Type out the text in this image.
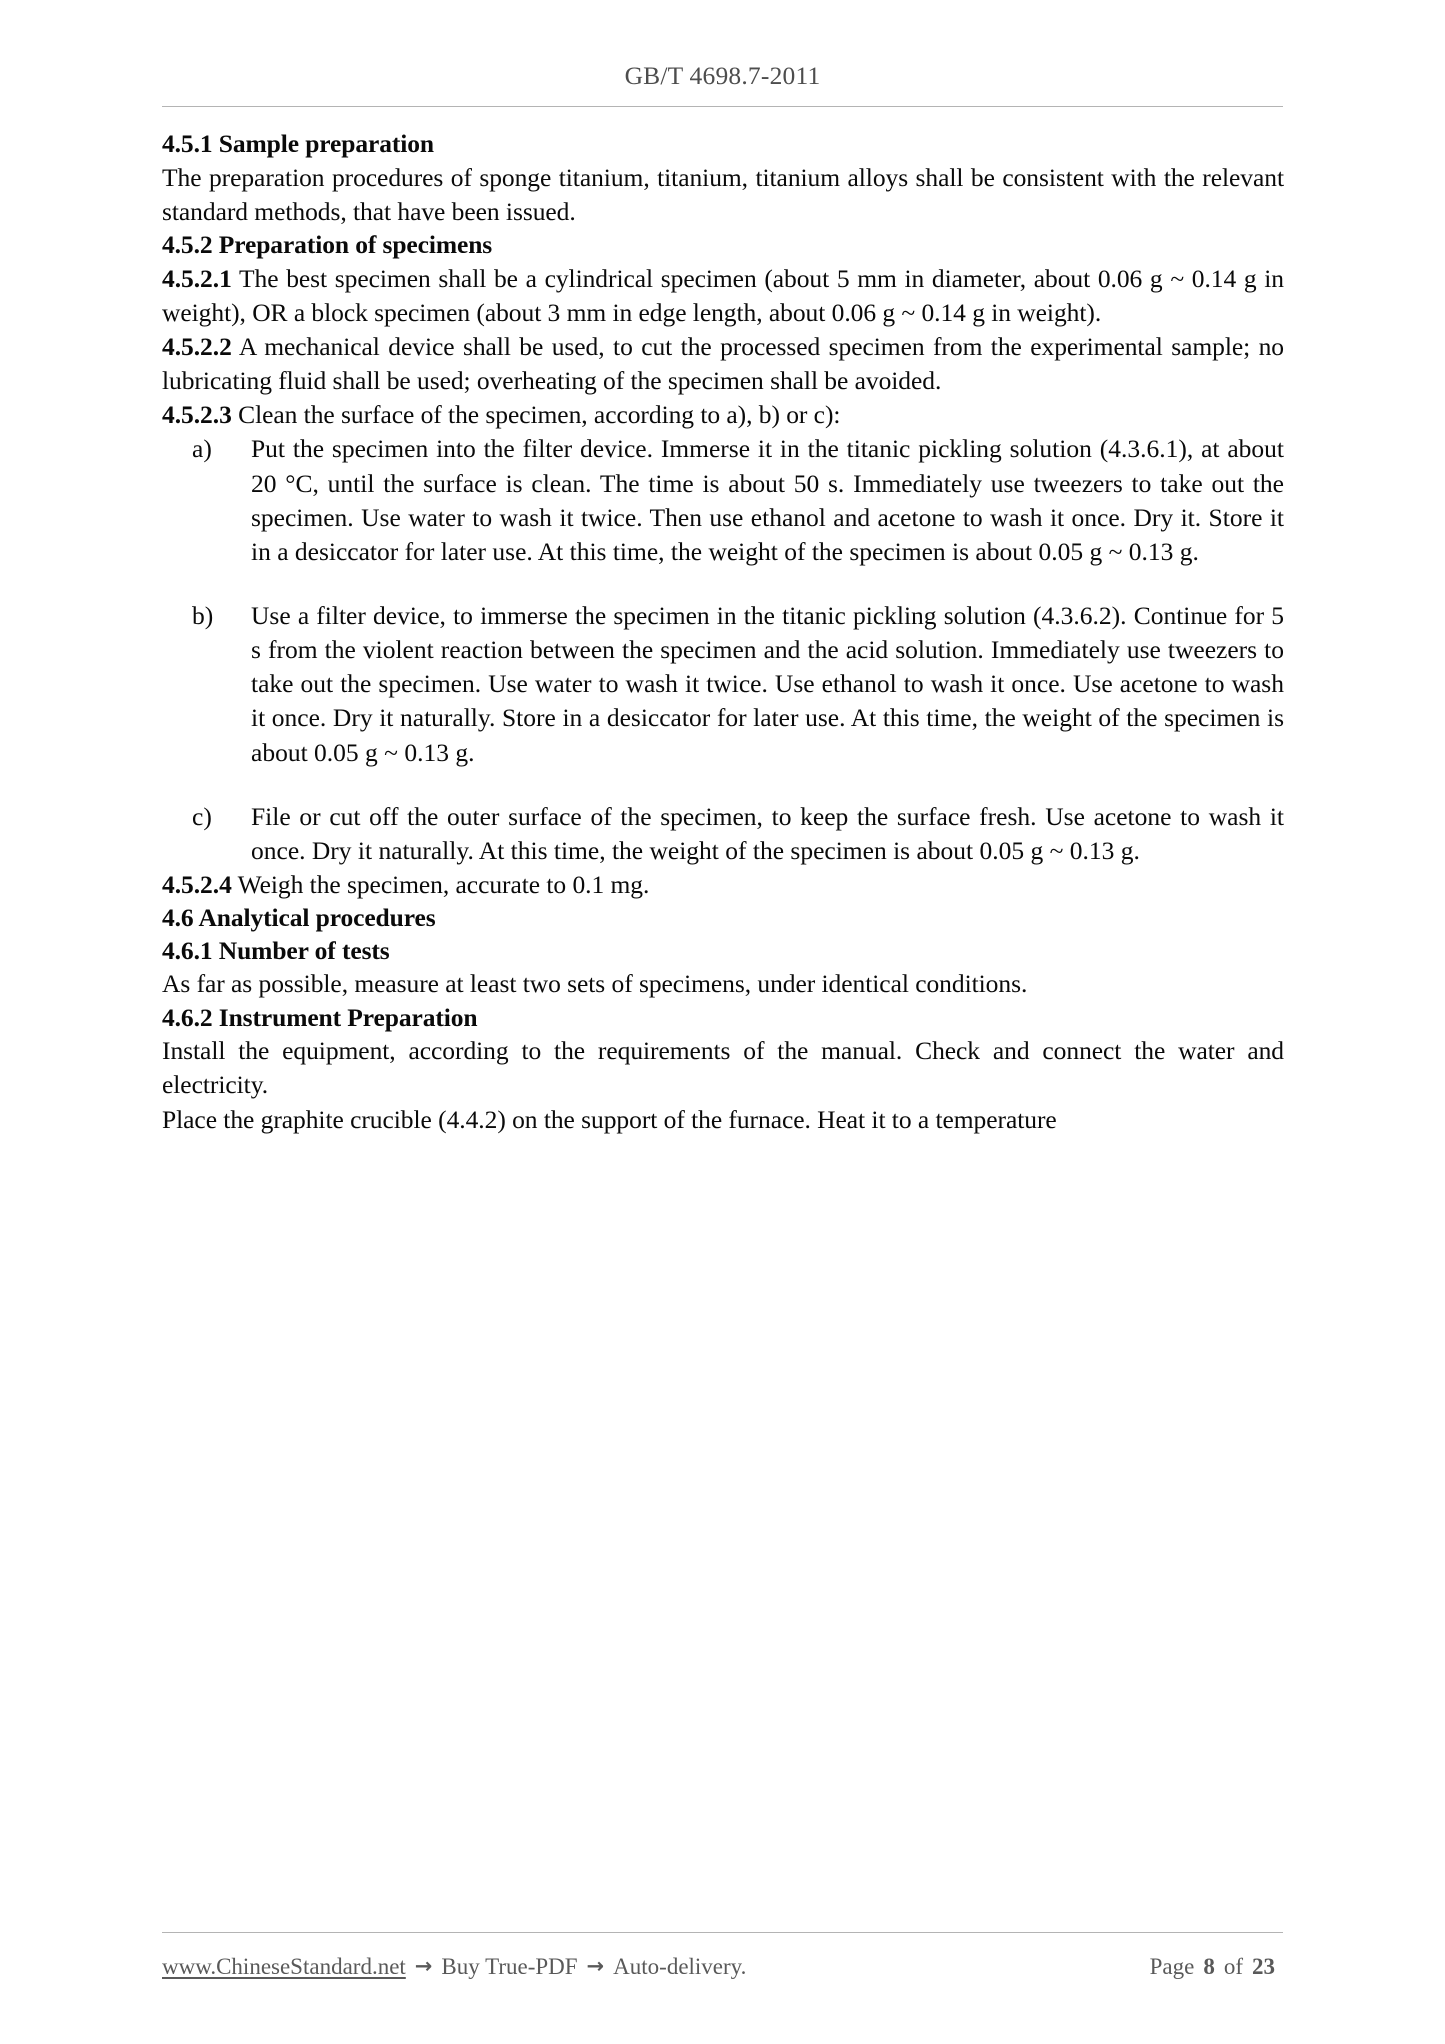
GB/T 4698.7-2011
4.5.1 Sample preparation

The preparation procedures of sponge titanium, titanium, titanium alloys shall be consistent with the relevant standard methods, that have been issued.

4.5.2 Preparation of specimens

4.5.2.1 The best specimen shall be a cylindrical specimen (about 5 mm in diameter, about 0.06 g ~ 0.14 g in weight), OR a block specimen (about 3 mm in edge length, about 0.06 g ~ 0.14 g in weight).

4.5.2.2 A mechanical device shall be used, to cut the processed specimen from the experimental sample; no lubricating fluid shall be used; overheating of the specimen shall be avoided.

4.5.2.3 Clean the surface of the specimen, according to a), b) or c):

a)	Put the specimen into the filter device. Immerse it in the titanic pickling solution (4.3.6.1), at about 20 °C, until the surface is clean. The time is about 50 s. Immediately use tweezers to take out the specimen. Use water to wash it twice. Then use ethanol and acetone to wash it once. Dry it. Store it in a desiccator for later use. At this time, the weight of the specimen is about 0.05 g ~ 0.13 g.
b)	Use a filter device, to immerse the specimen in the titanic pickling solution (4.3.6.2). Continue for 5 s from the violent reaction between the specimen and the acid solution. Immediately use tweezers to take out the specimen. Use water to wash it twice. Use ethanol to wash it once. Use acetone to wash it once. Dry it naturally. Store in a desiccator for later use. At this time, the weight of the specimen is about 0.05 g ~ 0.13 g.
c)	File or cut off the outer surface of the specimen, to keep the surface fresh. Use acetone to wash it once. Dry it naturally. At this time, the weight of the specimen is about 0.05 g ~ 0.13 g.

4.5.2.4 Weigh the specimen, accurate to 0.1 mg.

4.6 Analytical procedures
4.6.1 Number of tests

As far as possible, measure at least two sets of specimens, under identical conditions.

4.6.2 Instrument Preparation

Install the equipment, according to the requirements of the manual. Check and connect the water and electricity.

Place the graphite crucible (4.4.2) on the support of the furnace. Heat it to a temperature

www.ChineseStandard.net → Buy True-PDF → Auto-delivery.	Page 8 of 23
